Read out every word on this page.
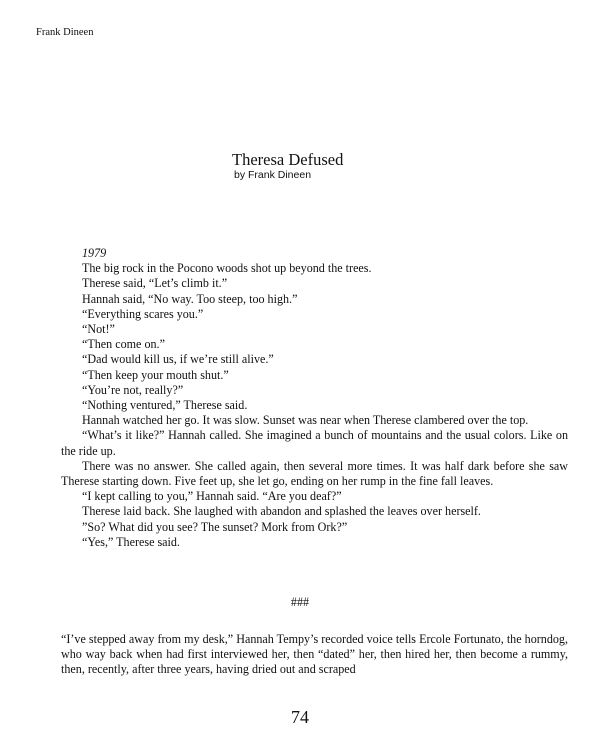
Frank Dineen
Theresa Defused
by Frank Dineen

1979

The big rock in the Pocono woods shot up beyond the trees.

Therese said, “Let’s climb it.”

Hannah said, “No way. Too steep, too high.”

“Everything scares you.”

“Not!”

“Then come on.”

“Dad would kill us, if we’re still alive.”

“Then keep your mouth shut.”

“You’re not, really?”

“Nothing ventured,” Therese said.

Hannah watched her go. It was slow. Sunset was near when Therese clambered over the top.

“What’s it like?” Hannah called. She imagined a bunch of mountains and the usual colors. Like on the ride up.

There was no answer. She called again, then several more times. It was half dark before she saw Therese starting down. Five feet up, she let go, ending on her rump in the fine fall leaves.

“I kept calling to you,” Hannah said. “Are you deaf?”

Therese laid back. She laughed with abandon and splashed the leaves over herself.

”So? What did you see? The sunset? Mork from Ork?”

“Yes,” Therese said.

###

“I’ve stepped away from my desk,” Hannah Tempy’s recorded voice tells Ercole Fortunato, the horndog, who way back when had first interviewed her, then “dated” her, then hired her, then become a rummy, then, recently, after three years, having dried out and scraped

74
